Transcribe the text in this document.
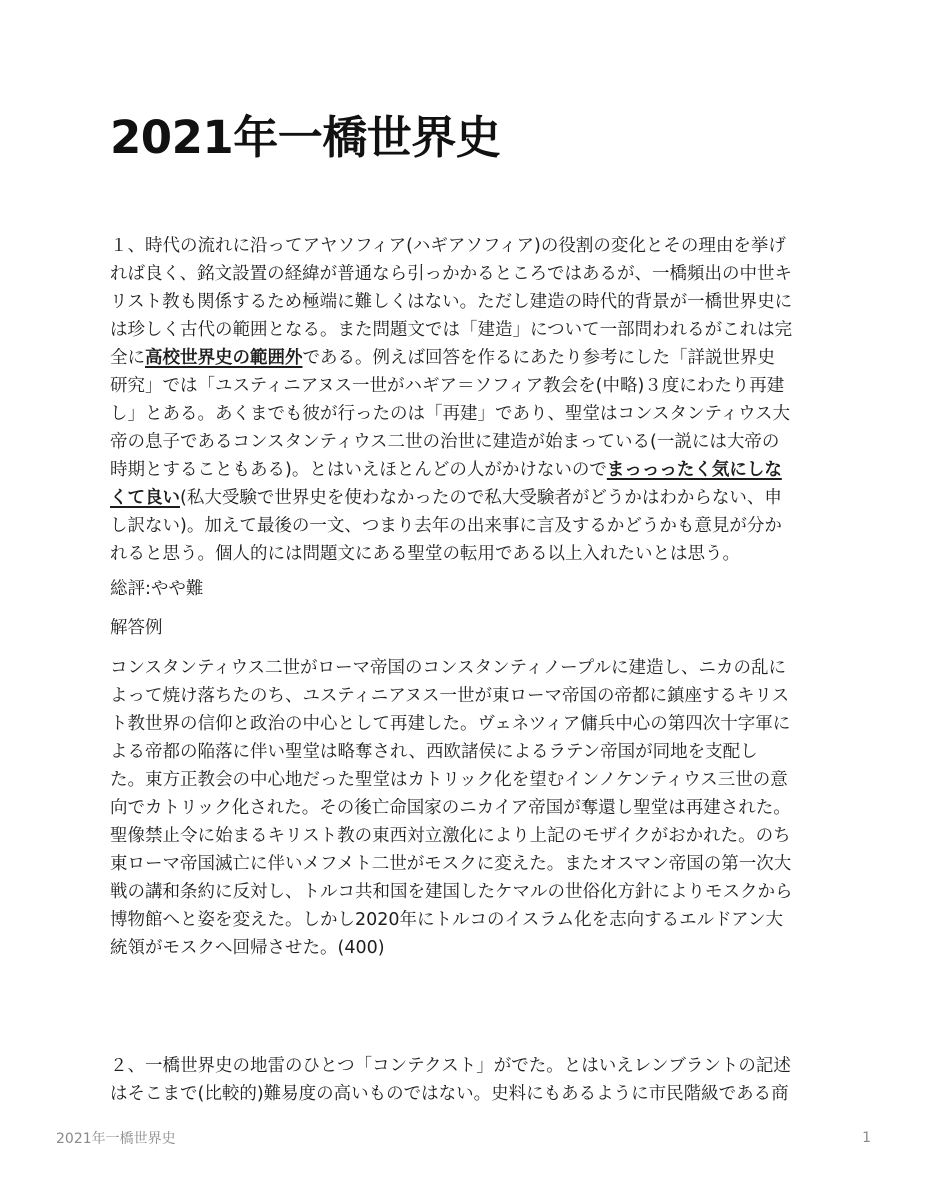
2021年一橋世界史

１、時代の流れに沿ってアヤソフィア(ハギアソフィア)の役割の変化とその理由を挙げ
れば良く、銘文設置の経緯が普通なら引っかかるところではあるが、一橋頻出の中世キ
リスト教も関係するため極端に難しくはない。ただし建造の時代的背景が一橋世界史に
は珍しく古代の範囲となる。また問題文では「建造」について一部問われるがこれは完
全に高校世界史の範囲外である。例えば回答を作るにあたり参考にした「詳説世界史
研究」では「ユスティニアヌス一世がハギア＝ソフィア教会を(中略)３度にわたり再建
し」とある。あくまでも彼が行ったのは「再建」であり、聖堂はコンスタンティウス大
帝の息子であるコンスタンティウス二世の治世に建造が始まっている(一説には大帝の
時期とすることもある)。とはいえほとんどの人がかけないのでまっっったく気にしな
くて良い(私大受験で世界史を使わなかったので私大受験者がどうかはわからない、申
し訳ない)。加えて最後の一文、つまり去年の出来事に言及するかどうかも意見が分か
れると思う。個人的には問題文にある聖堂の転用である以上入れたいとは思う。

総評:やや難

解答例

コンスタンティウス二世がローマ帝国のコンスタンティノープルに建造し、ニカの乱に
よって焼け落ちたのち、ユスティニアヌス一世が東ローマ帝国の帝都に鎮座するキリス
ト教世界の信仰と政治の中心として再建した。ヴェネツィア傭兵中心の第四次十字軍に
よる帝都の陥落に伴い聖堂は略奪され、西欧諸侯によるラテン帝国が同地を支配し
た。東方正教会の中心地だった聖堂はカトリック化を望むインノケンティウス三世の意
向でカトリック化された。その後亡命国家のニカイア帝国が奪還し聖堂は再建された。
聖像禁止令に始まるキリスト教の東西対立激化により上記のモザイクがおかれた。のち
東ローマ帝国滅亡に伴いメフメト二世がモスクに変えた。またオスマン帝国の第一次大
戦の講和条約に反対し、トルコ共和国を建国したケマルの世俗化方針によりモスクから
博物館へと姿を変えた。しかし2020年にトルコのイスラム化を志向するエルドアン大
統領がモスクへ回帰させた。(400)

２、一橋世界史の地雷のひとつ「コンテクスト」がでた。とはいえレンブラントの記述
はそこまで(比較的)難易度の高いものではない。史料にもあるように市民階級である商

2021年一橋世界史	1
